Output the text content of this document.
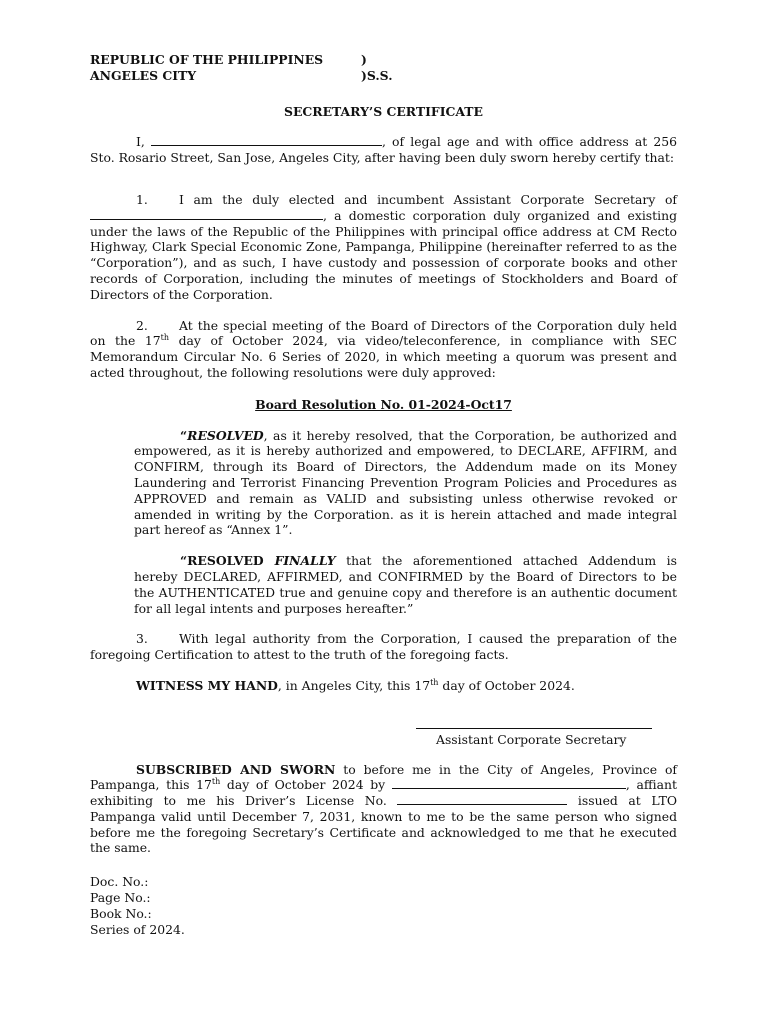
REPUBLIC OF THE PHILIPPINES	)
ANGELES CITY	)S.S.
SECRETARY’S CERTIFICATE

I,	, of legal age and with office address at 256 Sto. Rosario Street, San Jose, Angeles City, after having been duly sworn hereby certify that:

1.	I am the duly elected and incumbent Assistant Corporate Secretary of , a domestic corporation duly organized and existing under the laws of the Republic of the Philippines with principal office address at CM Recto Highway, Clark Special Economic Zone, Pampanga, Philippine (hereinafter referred to as the “Corporation”), and as such, I have custody and possession of corporate books and other records of Corporation, including the minutes of meetings of Stockholders and Board of Directors of the Corporation.

2.	At the special meeting of the Board of Directors of the Corporation duly held on the 17th day of October 2024, via video/teleconference, in compliance with SEC Memorandum Circular No. 6 Series of 2020, in which meeting a quorum was present and acted throughout, the following resolutions were duly approved:

Board Resolution No. 01-2024-Oct17

“RESOLVED, as it hereby resolved, that the Corporation, be authorized and empowered, as it is hereby authorized and empowered, to DECLARE, AFFIRM, and CONFIRM, through its Board of Directors, the Addendum made on its Money Laundering and Terrorist Financing Prevention Program Policies and Procedures as APPROVED and remain as VALID and subsisting unless otherwise revoked or amended in writing by the Corporation. as it is herein attached and made integral part hereof as “Annex 1”.

“RESOLVED FINALLY that the aforementioned attached Addendum is hereby DECLARED, AFFIRMED, and CONFIRMED by the Board of Directors to be the AUTHENTICATED true and genuine copy and therefore is an authentic document for all legal intents and purposes hereafter.”

3.	With legal authority from the Corporation, I caused the preparation of the foregoing Certification to attest to the truth of the foregoing facts.

WITNESS MY HAND, in Angeles City, this 17th day of October 2024.

Assistant Corporate Secretary

SUBSCRIBED AND SWORN to before me in the City of Angeles, Province of Pampanga, this 17th day of October 2024 by	, affiant exhibiting to me his Driver’s License No.	issued at LTO Pampanga valid until December 7, 2031, known to me to be the same person who signed before me the foregoing Secretary’s Certificate and acknowledged to me that he executed the same.

Doc. No.:

Page No.:

Book No.:

Series of 2024.
